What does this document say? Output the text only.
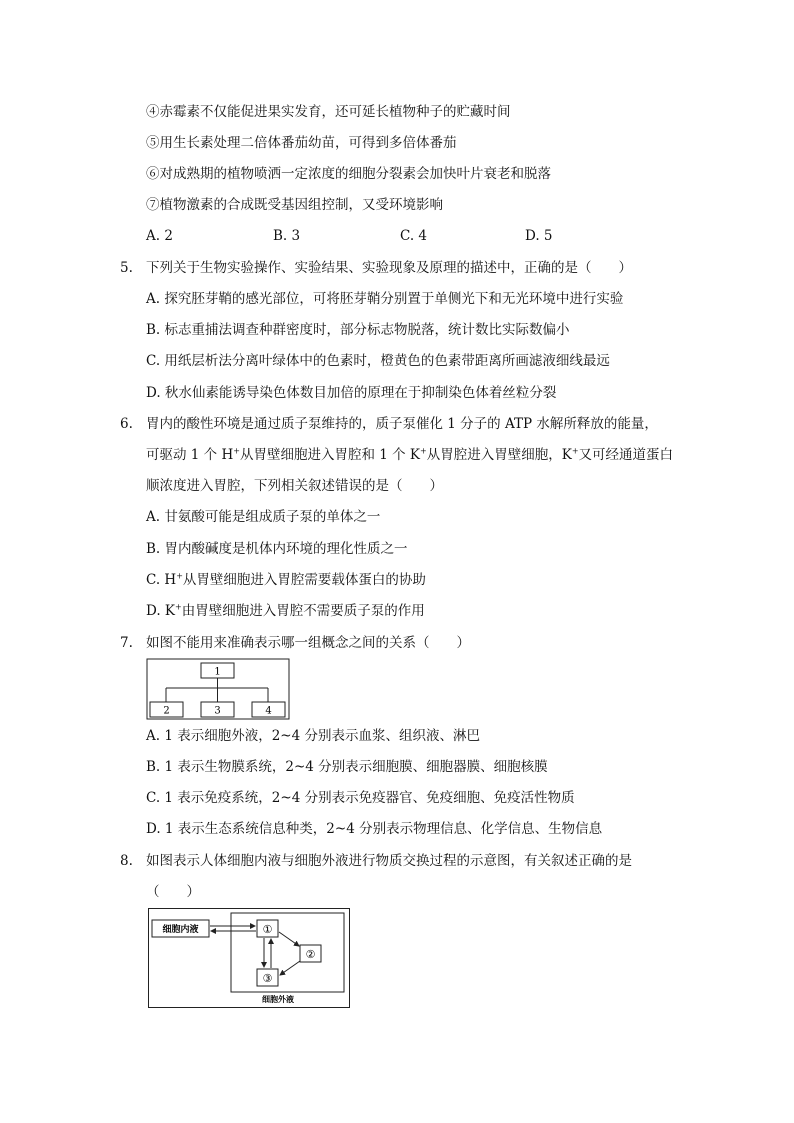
④赤霉素不仅能促进果实发育，还可延长植物种子的贮藏时间
⑤用生长素处理二倍体番茄幼苗，可得到多倍体番茄
⑥对成熟期的植物喷洒一定浓度的细胞分裂素会加快叶片衰老和脱落
⑦植物激素的合成既受基因组控制，又受环境影响
A. 2	B. 3	C. 4	D. 5
5. 下列关于生物实验操作、实验结果、实验现象及原理的描述中，正确的是（　　）
A. 探究胚芽鞘的感光部位，可将胚芽鞘分别置于单侧光下和无光环境中进行实验
B. 标志重捕法调查种群密度时，部分标志物脱落，统计数比实际数偏小
C. 用纸层析法分离叶绿体中的色素时，橙黄色的色素带距离所画滤液细线最远
D. 秋水仙素能诱导染色体数目加倍的原理在于抑制染色体着丝粒分裂
6. 胃内的酸性环境是通过质子泵维持的，质子泵催化 1 分子的 ATP 水解所释放的能量，
可驱动 1 个 H+从胃壁细胞进入胃腔和 1 个 K+从胃腔进入胃壁细胞，K+又可经通道蛋白
顺浓度进入胃腔，下列相关叙述错误的是（　　）
A. 甘氨酸可能是组成质子泵的单体之一
B. 胃内酸碱度是机体内环境的理化性质之一
C. H+从胃壁细胞进入胃腔需要载体蛋白的协助
D. K+由胃壁细胞进入胃腔不需要质子泵的作用
7. 如图不能用来准确表示哪一组概念之间的关系（　　）
1
2	3	4
A. 1 表示细胞外液，2~4 分别表示血浆、组织液、淋巴
B. 1 表示生物膜系统，2~4 分别表示细胞膜、细胞器膜、细胞核膜
C. 1 表示免疫系统，2~4 分别表示免疫器官、免疫细胞、免疫活性物质
D. 1 表示生态系统信息种类，2~4 分别表示物理信息、化学信息、生物信息
8. 如图表示人体细胞内液与细胞外液进行物质交换过程的示意图，有关叙述正确的是
（　　）
细胞外液
细胞内液	①
②
③
